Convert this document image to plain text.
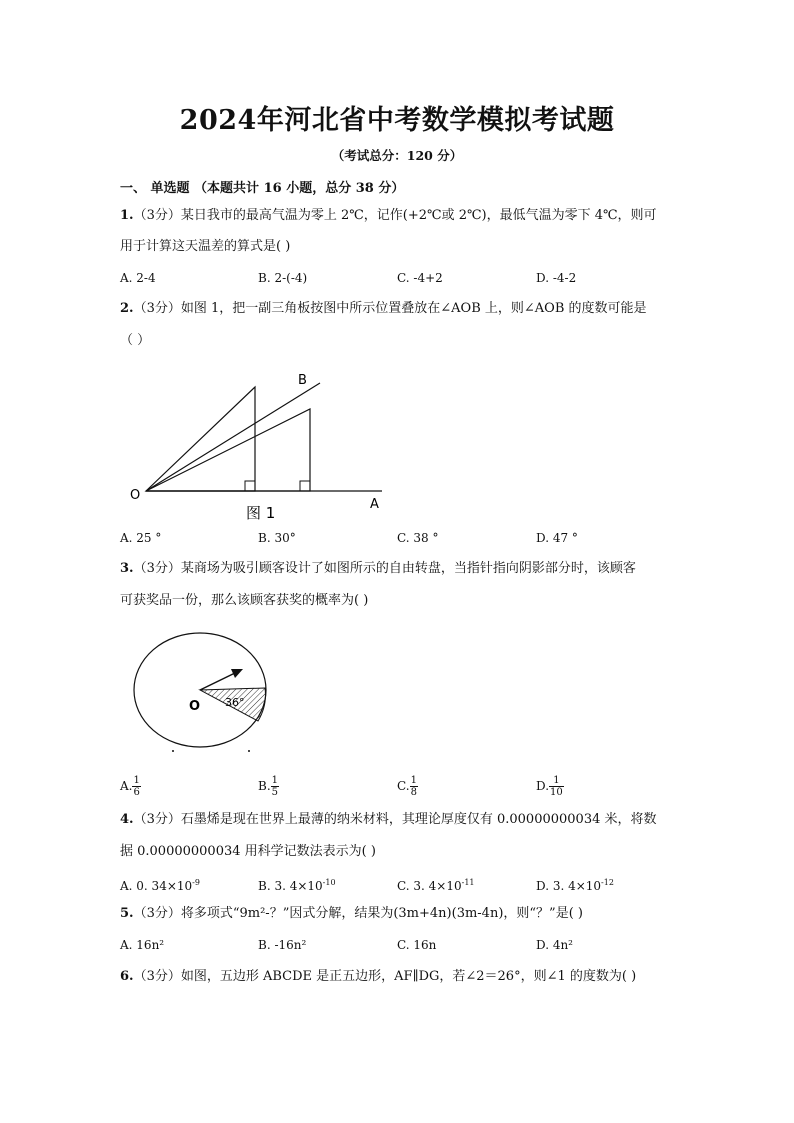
2024年河北省中考数学模拟考试题
（考试总分：120 分）
一、 单选题 （本题共计 16 小题，总分 38 分）
1.（3分）某日我市的最高气温为零上 2℃，记作(+2℃或 2℃)，最低气温为零下 4℃，则可
用于计算这天温差的算式是( )
A. 2-4	B. 2-(-4)	C. -4+2	D. -4-2
2.（3分）如图 1，把一副三角板按图中所示位置叠放在∠AOB 上，则∠AOB 的度数可能是
（ ）
O
A
B
图 1
A. 25 °	B. 30°	C. 38 °	D. 47 °
3.（3分）某商场为吸引顾客设计了如图所示的自由转盘，当指针指向阴影部分时，该顾客
可获奖品一份，那么该顾客获奖的概率为( )
O 36°
A. $\frac{1}{6}$	B. $\frac{1}{5}$	C. $\frac{1}{8}$	D. $\frac{1}{10}$
4.（3分）石墨烯是现在世界上最薄的纳米材料，其理论厚度仅有 0.00000000034 米，将数
据 0.00000000034 用科学记数法表示为( )
A. 0. $34\times 10^{-9}$	B. 3. $4\times 10^{-10}$	C. 3. $4\times 10^{-11}$	D. 3. $4\times 10^{-12}$
5.（3分）将多项式“9m²-？”因式分解，结果为(3m+4n)(3m-4n)，则“？”是( )
A. 16n²	B. -16n²	C. 16n	D. 4n²
6.（3分）如图，五边形 ABCDE 是正五边形，AF∥DG，若∠2＝26°，则∠1 的度数为( )
